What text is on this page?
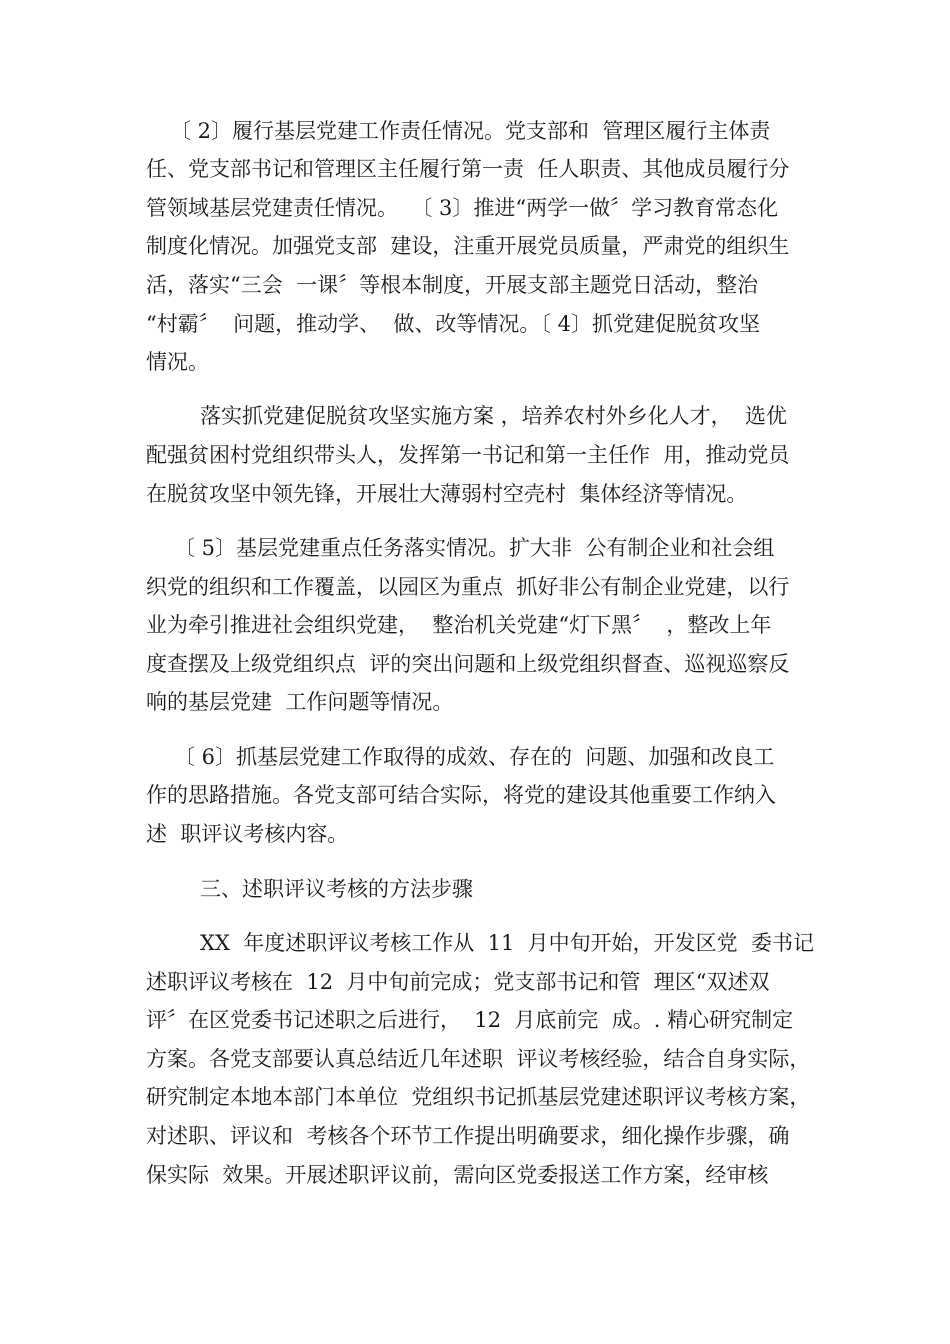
〔 2〕履行基层党建工作责任情况。党支部和  管理区履行主体责
任、党支部书记和管理区主任履行第一责  任人职责、其他成员履行分
管领域基层党建责任情况。  〔 3〕推进“两学一做〞学习教育常态化
制度化情况。加强党支部  建设，注重开展党员质量，严肃党的组织生
活，落实“三会  一课〞等根本制度，开展支部主题党日活动，整治
“村霸〞  问题，推动学、  做、改等情况。〔 4〕抓党建促脱贫攻坚
情况。
落实抓党建促脱贫攻坚实施方案 ，培养农村外乡化人才，  选优
配强贫困村党组织带头人，发挥第一书记和第一主任作  用，推动党员
在脱贫攻坚中领先锋，开展壮大薄弱村空壳村  集体经济等情况。
〔 5〕基层党建重点任务落实情况。扩大非  公有制企业和社会组
织党的组织和工作覆盖，以园区为重点  抓好非公有制企业党建，以行
业为牵引推进社会组织党建，  整治机关党建“灯下黑〞  ，整改上年
度查摆及上级党组织点  评的突出问题和上级党组织督查、巡视巡察反
响的基层党建  工作问题等情况。
〔 6〕抓基层党建工作取得的成效、存在的  问题、加强和改良工
作的思路措施。各党支部可结合实际，将党的建设其他重要工作纳入
述  职评议考核内容。
三、述职评议考核的方法步骤
XX  年度述职评议考核工作从  11  月中旬开始，开发区党  委书记
述职评议考核在  12  月中旬前完成；党支部书记和管  理区“双述双
评〞在区党委书记述职之后进行，  12  月底前完  成。. 精心研究制定
方案。各党支部要认真总结近几年述职  评议考核经验，结合自身实际，
研究制定本地本部门本单位  党组织书记抓基层党建述职评议考核方案，
对述职、评议和  考核各个环节工作提出明确要求，细化操作步骤，确
保实际  效果。开展述职评议前，需向区党委报送工作方案，经审核
